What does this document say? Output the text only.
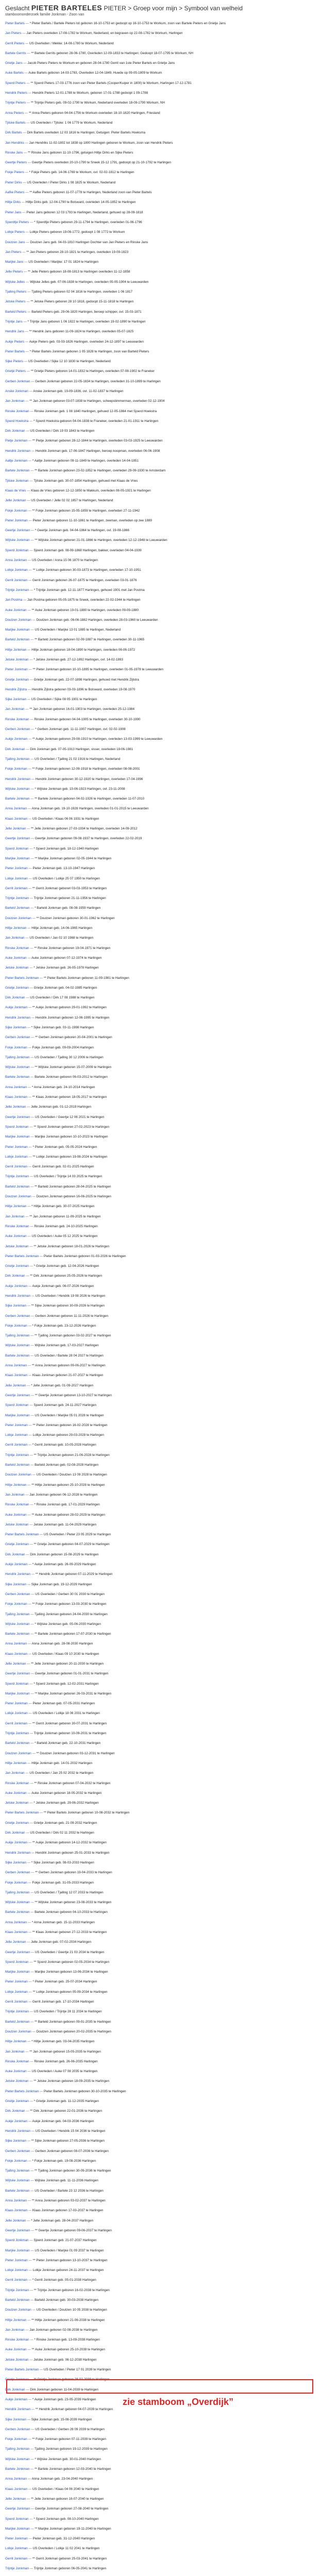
Geslacht PIETER BARTELES PIETER > Groep voor mijn > Symbool van welheid
stamboomonderzoek familie Jonkman - Zoon van
Pieter Bartels — * Pieter Bartels / Bartele Pieters tot geboren 16-10-1753 en gedoopt op 16-10-1753 te Workum, zoon van Bartele Pieters en Grietje Jans
Jan Pieters — Jan Pieters overleden 17-08-1782 te Workum, Nederland, en begraven op 22-08-1782 te Workum, Harlingen
Gerrit Pieters — US Overleden / Mekke: 14-08-1780 te Workum, Nederland
Bartele Gerrits — ** Bartele Gerrits geboren 28-06-1780, Overleden 12-09-1833 te Harlingen; Gedoopt 18-07-1795 te Workum, NH
Grietje Jans — Jacob Pieters Pieters te Workum en geboren 28-04-1780 Gerrit van 1ste Pieter Bartels en Grietje Jans
Auke Bartels — Auke Bartels geboren 14-03-1783, Overleden 12-04-1849, Huwde op 09-05-1809 te Workum
Sjoerd Pieters — ** Sjoerd Pieters 17-03-1776 zoon van Pieter Bartels (Cooper/Kuiper in 1800) te Workum, Harlingen 17-12-1781
Hendrik Pieters — Hendrik Pieters 12-01-1788 te Workum, geboren 17-01-1788 gedoopt 1 09-1788
Trijntje Pieters — ** Trijntje Pieters geb. 09-02-1790 te Workum, Nederland overleden 18-09-1790 Workum, NH
Anna Pieters — ** Anna Pieters geboren 04-04-1756 te Workum overleden 18-10-1820 Harlingen, Friesland
Tjitske Bartels — US Overleden / Tjitske: 1 06 1779 te Workum, Nederland
Dirk Bartels — Dirk Bartels overleden 12 03 1816 te Harlingen; Getuigen: Pieter Bartels Hoeksma
Jan Hendriks — Jan Hendriks 11-02-1802 tot 1838 op 1800 Harlingen geboren te Workum, zoon van Hendrik Pieters
Rinske Jans — ** Rinske Jans geboren 11-10-1796, getuigen Hiltje Dirks en Sijke Pieters
Geertje Pieters — Geertje Pieters overleden 20-10-1790 te Sneek 15-12 1791, gedoopt op 21-10-1792 te Harlingen
Fokje Pieters — * Fokje Pieters geb. 14-06-1769 te Workum, ovl. 02-02-1812 te Harlingen
Pieter Dirks — US Overleden / Pieter Dirks 1 08 1825 te Workum, Nederland
Aafke Pieters — ** Aafke Pieters geboren 11-07-1778 te Harlingen, Nederland zoon van Pieter Bartels
Hiltje Dirks — Hiltje Dirks geb. 12-04-1790 te Bolsward, overleden 14-05-1852 te Harlingen
Pieter Jans — Pieter Jans geboren 12 03 1793 te Harlingen, Nederland, gehuwd op 28-09-1818
Sjoerdtje Pieters — * Sjoerdtje Pieters geboren 29-11-1794 te Harlingen, overleden 01-06-1796
Lolkje Pieters — Lolkje Pieters geboren 19-06-1772, gedoopt 1 08 1772 te Workum
Doutzen Jans — Doutzen Jans geb. 04-03-1810 Harlingen Dochter van Jan Pieters en Rinske Jans
Jan Pieters — ** Jan Pieters geboren 28-10-1821 te Harlingen, overleden 19-09-1823
Marijke Jans — US Overleden / Marijke: 17 01 1824 te Harlingen
Jelle Pieters — ** Jelle Pieters geboren 18-08-1813 te Harlingen overleden 11-12-1858
Wijtske Jelles — Wijtske Jelles geb. 07-06-1838 te Harlingen, overleden 05-05-1904 te Leeuwarden
Tjalling Pieters — Tjalling Pieters geboren 02 04 1816 te Harlingen, overleden 1 06 1817
Jetske Pieters — ** Jetske Pieters geboren 28 10 1818, gedoopt 15-11-1818 te Harlingen
Barteld Pieters — Barteld Pieters geb. 29-06-1820 Harlingen, beroep schipper, ovl. 15-03-1871
Trijntje Jans — * Trijntje Jans geboren 1 06 1822 te Harlingen, overleden 19-02-1890 te Harlingen
Hendrik Jans — ** Hendrik Jans geboren 11-09-1824 te Harlingen, overleden 05-07-1825
Aukje Pieters — Aukje Pieters geb. 03-03-1826 Harlingen, overleden 24-12-1897 te Leeuwarden
Pieter Bartels — * Pieter Bartels Jonkman geboren 1 05 1828 te Harlingen, zoon van Barteld Pieters
Sijke Pieters — US Overleden / Sijke 12 10 1830 te Harlingen, Nederland
Grietje Pieters — ** Grietje Pieters geboren 14-01-1832 te Harlingen, overleden 07-08-1902 te Franeker
Gerben Jonkman — Gerben Jonkman geboren 22-05-1834 te Harlingen, overleden 31-10-1899 te Harlingen
Anske Jonkman — Anske Jonkman geb. 19-09-1836, ovl. 11-02-1837 te Harlingen
Jan Jonkman — ** Jan Jonkman geboren 03-07-1838 te Harlingen, scheepstimmerman, overleden 02-12-1904
Rinske Jonkman — Rinske Jonkman geb. 1 08 1840 Harlingen, gehuwd 12-05-1864 met Sjoerd Hoekstra
Sjoerd Hoekstra — * Sjoerd Hoekstra geboren 04-04-1838 te Franeker, overleden 21-01-1911 te Harlingen
Dirk Jonkman — US Overleden / Dirk 19 03 1843 te Harlingen
Pietje Jonkman — ** Pietje Jonkman geboren 28-12-1844 te Harlingen, overleden 03-03-1925 te Leeuwarden
Hendrik Jonkman — Hendrik Jonkman geb. 17-06-1847 Harlingen, beroep koopman, overleden 06-06-1908
Aaltje Jonkman — * Aaltje Jonkman geboren 09-11-1849 te Harlingen, overleden 14-04-1851
Bartele Jonkman — ** Bartele Jonkman geboren 23-02-1852 te Harlingen, overleden 29-09-1930 te Amsterdam
Tjitske Jonkman — Tjitske Jonkman geb. 30-07-1854 Harlingen, gehuwd met Klaas de Vries
Klaas de Vries — Klaas de Vries geboren 12-12-1850 te Makkum, overleden 08-05-1921 te Harlingen
Jelle Jonkman — US Overleden / Jelle 02 02 1857 te Harlingen, Nederland
Fokje Jonkman — ** Fokje Jonkman geboren 15-05-1859 te Harlingen, overleden 27-11-1942
Pieter Jonkman — Pieter Jonkman geboren 11-10-1861 te Harlingen, zeeman, overleden op zee 1889
Geertje Jonkman — * Geertje Jonkman geb. 04-04-1864 te Harlingen, ovl. 19-08-1866
Wijtske Jonkman — ** Wijtske Jonkman geboren 21-01-1866 te Harlingen, overleden 12-12-1948 te Leeuwarden
Sjoerd Jonkman — Sjoerd Jonkman geb. 08-09-1868 Harlingen, bakker, overleden 04-04-1939
Anna Jonkman — US Overleden / Anna 15 06 1870 te Harlingen
Lolkje Jonkman — ** Lolkje Jonkman geboren 30-03-1873 te Harlingen, overleden 17-10-1951
Gerrit Jonkman — Gerrit Jonkman geboren 26-07-1875 te Harlingen, overleden 03-01-1876
Trijntje Jonkman — * Trijntje Jonkman geb. 12-11-1877 Harlingen, gehuwd 1901 met Jan Postma
Jan Postma — Jan Postma geboren 05-05-1875 te Sneek, overleden 22-02-1944 te Harlingen
Auke Jonkman — ** Auke Jonkman geboren 19-01-1880 te Harlingen, overleden 09-09-1880
Doutzen Jonkman — Doutzen Jonkman geb. 06-06-1882 Harlingen, overleden 28-03-1960 te Leeuwarden
Marijke Jonkman — US Overleden / Marijke 13 01 1885 te Harlingen, Nederland
Barteld Jonkman — ** Barteld Jonkman geboren 02-09-1887 te Harlingen, overleden 30-11-1965
Hiltje Jonkman — Hiltje Jonkman geboren 18-04-1890 te Harlingen, overleden 06-06-1972
Jetske Jonkman — * Jetske Jonkman geb. 27-12-1892 Harlingen, ovl. 14-02-1893
Pieter Jonkman — ** Pieter Jonkman geboren 10-10-1895 te Harlingen, overleden 01-05-1978 te Leeuwarden
Grietje Jonkman — Grietje Jonkman geb. 22-07-1898 Harlingen, gehuwd met Hendrik Zijlstra
Hendrik Zijlstra — Hendrik Zijlstra geboren 03-03-1896 te Bolsward, overleden 19-08-1970
Sijke Jonkman — US Overleden / Sijke 08 05 1901 te Harlingen
Jan Jonkman — ** Jan Jonkman geboren 16-01-1903 te Harlingen, overleden 25-12-1984
Rinske Jonkman — Rinske Jonkman geboren 04-04-1905 te Harlingen, overleden 30-10-1990
Gerben Jonkman — * Gerben Jonkman geb. 11-11-1907 Harlingen, ovl. 02-02-1908
Aukje Jonkman — ** Aukje Jonkman geboren 29-08-1910 te Harlingen, overleden 13-03-1999 te Leeuwarden
Dirk Jonkman — Dirk Jonkman geb. 07-05-1913 Harlingen, visser, overleden 19-06-1981
Tjalling Jonkman — US Overleden / Tjalling 21 02 1916 te Harlingen, Nederland
Fokje Jonkman — ** Fokje Jonkman geboren 12-09-1918 te Harlingen, overleden 08-08-2001
Hendrik Jonkman — Hendrik Jonkman geboren 30-12-1920 te Harlingen, overleden 17-04-1996
Wijtske Jonkman — * Wijtske Jonkman geb. 15-06-1923 Harlingen, ovl. 23-11-2008
Bartele Jonkman — ** Bartele Jonkman geboren 04-02-1926 te Harlingen, overleden 11-07-2010
Anna Jonkman — Anna Jonkman geb. 19-10-1928 Harlingen, overleden 01-01-2015 te Leeuwarden
Klaas Jonkman — US Overleden / Klaas 06 06 1931 te Harlingen
Jelle Jonkman — ** Jelle Jonkman geboren 27-03-1934 te Harlingen, overleden 14-09-2012
Geertje Jonkman — Geertje Jonkman geboren 09-08-1937 te Harlingen, overleden 22-02-2019
Sjoerd Jonkman — * Sjoerd Jonkman geb. 18-12-1940 Harlingen
Marijke Jonkman — ** Marijke Jonkman geboren 02-05-1944 te Harlingen
Pieter Jonkman — Pieter Jonkman geb. 13-10-1947 Harlingen
Lolkje Jonkman — US Overleden / Lolkje 25 07 1950 te Harlingen
Gerrit Jonkman — ** Gerrit Jonkman geboren 03-03-1953 te Harlingen
Trijntje Jonkman — Trijntje Jonkman geboren 21-11-1956 te Harlingen
Barteld Jonkman — * Barteld Jonkman geb. 08-08-1959 Harlingen
Doutzen Jonkman — ** Doutzen Jonkman geboren 30-01-1962 te Harlingen
Hiltje Jonkman — Hiltje Jonkman geb. 14-06-1965 Harlingen
Jan Jonkman — US Overleden / Jan 02 10 1968 te Harlingen
Rinske Jonkman — ** Rinske Jonkman geboren 19-04-1971 te Harlingen
Auke Jonkman — Auke Jonkman geboren 07-12-1974 te Harlingen
Jetske Jonkman — * Jetske Jonkman geb. 26-05-1978 Harlingen
Pieter Bartels Jonkman — ** Pieter Bartels Jonkman geboren 11-09-1981 te Harlingen
Grietje Jonkman — Grietje Jonkman geb. 04-02-1985 Harlingen
Dirk Jonkman — US Overleden / Dirk 17 08 1988 te Harlingen
Aukje Jonkman — ** Aukje Jonkman geboren 29-01-1992 te Harlingen
Hendrik Jonkman — Hendrik Jonkman geboren 12-06-1995 te Harlingen
Sijke Jonkman — * Sijke Jonkman geb. 03-11-1998 Harlingen
Gerben Jonkman — ** Gerben Jonkman geboren 20-04-2001 te Harlingen
Fokje Jonkman — Fokje Jonkman geb. 09-09-2004 Harlingen
Tjalling Jonkman — US Overleden / Tjalling 30 12 2006 te Harlingen
Wijtske Jonkman — ** Wijtske Jonkman geboren 15-07-2009 te Harlingen
Bartele Jonkman — Bartele Jonkman geboren 06-03-2012 te Harlingen
Anna Jonkman — * Anna Jonkman geb. 24-10-2014 Harlingen
Klaas Jonkman — ** Klaas Jonkman geboren 18-05-2017 te Harlingen
Jelle Jonkman — Jelle Jonkman geb. 01-12-2019 Harlingen
Geertje Jonkman — US Overleden / Geertje 12 06 2021 te Harlingen
Sjoerd Jonkman — ** Sjoerd Jonkman geboren 27-02-2023 te Harlingen
Marijke Jonkman — Marijke Jonkman geboren 10-10-2023 te Harlingen
Pieter Jonkman — * Pieter Jonkman geb. 05-05-2024 Harlingen
Lolkje Jonkman — ** Lolkje Jonkman geboren 19-08-2024 te Harlingen
Gerrit Jonkman — Gerrit Jonkman geb. 02-01-2025 Harlingen
Trijntje Jonkman — US Overleden / Trijntje 14 03 2025 te Harlingen
Barteld Jonkman — ** Barteld Jonkman geboren 28-04-2025 te Harlingen
Doutzen Jonkman — Doutzen Jonkman geboren 16-06-2025 te Harlingen
Hiltje Jonkman — * Hiltje Jonkman geb. 30-07-2025 Harlingen
Jan Jonkman — ** Jan Jonkman geboren 11-09-2025 te Harlingen
Rinske Jonkman — Rinske Jonkman geb. 24-10-2025 Harlingen
Auke Jonkman — US Overleden / Auke 05 12 2025 te Harlingen
Jetske Jonkman — ** Jetske Jonkman geboren 18-01-2026 te Harlingen
Pieter Bartels Jonkman — Pieter Bartels Jonkman geboren 01-03-2026 te Harlingen
Grietje Jonkman — * Grietje Jonkman geb. 12-04-2026 Harlingen
Dirk Jonkman — ** Dirk Jonkman geboren 25-05-2026 te Harlingen
Aukje Jonkman — Aukje Jonkman geb. 06-07-2026 Harlingen
Hendrik Jonkman — US Overleden / Hendrik 19 08 2026 te Harlingen
Sijke Jonkman — ** Sijke Jonkman geboren 30-09-2026 te Harlingen
Gerben Jonkman — Gerben Jonkman geboren 11-11-2026 te Harlingen
Fokje Jonkman — * Fokje Jonkman geb. 23-12-2026 Harlingen
Tjalling Jonkman — ** Tjalling Jonkman geboren 03-02-2027 te Harlingen
Wijtske Jonkman — Wijtske Jonkman geb. 17-03-2027 Harlingen
Bartele Jonkman — US Overleden / Bartele 28 04 2027 te Harlingen
Anna Jonkman — ** Anna Jonkman geboren 09-06-2027 te Harlingen
Klaas Jonkman — Klaas Jonkman geboren 21-07-2027 te Harlingen
Jelle Jonkman — * Jelle Jonkman geb. 01-09-2027 Harlingen
Geertje Jonkman — ** Geertje Jonkman geboren 13-10-2027 te Harlingen
Sjoerd Jonkman — Sjoerd Jonkman geb. 24-11-2027 Harlingen
Marijke Jonkman — US Overleden / Marijke 05 01 2028 te Harlingen
Pieter Jonkman — ** Pieter Jonkman geboren 16-02-2028 te Harlingen
Lolkje Jonkman — Lolkje Jonkman geboren 29-03-2028 te Harlingen
Gerrit Jonkman — * Gerrit Jonkman geb. 10-05-2028 Harlingen
Trijntje Jonkman — ** Trijntje Jonkman geboren 21-06-2028 te Harlingen
Barteld Jonkman — Barteld Jonkman geb. 02-08-2028 Harlingen
Doutzen Jonkman — US Overleden / Doutzen 13 09 2028 te Harlingen
Hiltje Jonkman — ** Hiltje Jonkman geboren 25-10-2028 te Harlingen
Jan Jonkman — Jan Jonkman geboren 06-12-2028 te Harlingen
Rinske Jonkman — * Rinske Jonkman geb. 17-01-2029 Harlingen
Auke Jonkman — ** Auke Jonkman geboren 28-02-2029 te Harlingen
Jetske Jonkman — Jetske Jonkman geb. 11-04-2029 Harlingen
Pieter Bartels Jonkman — US Overleden / Pieter 23 05 2029 te Harlingen
Grietje Jonkman — ** Grietje Jonkman geboren 04-07-2029 te Harlingen
Dirk Jonkman — Dirk Jonkman geboren 15-08-2029 te Harlingen
Aukje Jonkman — * Aukje Jonkman geb. 26-09-2029 Harlingen
Hendrik Jonkman — ** Hendrik Jonkman geboren 07-11-2029 te Harlingen
Sijke Jonkman — Sijke Jonkman geb. 19-12-2029 Harlingen
Gerben Jonkman — US Overleden / Gerben 30 01 2030 te Harlingen
Fokje Jonkman — ** Fokje Jonkman geboren 13-03-2030 te Harlingen
Tjalling Jonkman — Tjalling Jonkman geboren 24-04-2030 te Harlingen
Wijtske Jonkman — * Wijtske Jonkman geb. 05-06-2030 Harlingen
Bartele Jonkman — ** Bartele Jonkman geboren 17-07-2030 te Harlingen
Anna Jonkman — Anna Jonkman geb. 28-08-2030 Harlingen
Klaas Jonkman — US Overleden / Klaas 09 10 2030 te Harlingen
Jelle Jonkman — ** Jelle Jonkman geboren 20-11-2030 te Harlingen
Geertje Jonkman — Geertje Jonkman geboren 01-01-2031 te Harlingen
Sjoerd Jonkman — * Sjoerd Jonkman geb. 12-02-2031 Harlingen
Marijke Jonkman — ** Marijke Jonkman geboren 26-03-2031 te Harlingen
Pieter Jonkman — Pieter Jonkman geb. 07-05-2031 Harlingen
Lolkje Jonkman — US Overleden / Lolkje 18 06 2031 te Harlingen
Gerrit Jonkman — ** Gerrit Jonkman geboren 30-07-2031 te Harlingen
Trijntje Jonkman — Trijntje Jonkman geboren 10-09-2031 te Harlingen
Barteld Jonkman — * Barteld Jonkman geb. 22-10-2031 Harlingen
Doutzen Jonkman — ** Doutzen Jonkman geboren 03-12-2031 te Harlingen
Hiltje Jonkman — Hiltje Jonkman geb. 14-01-2032 Harlingen
Jan Jonkman — US Overleden / Jan 25 02 2032 te Harlingen
Rinske Jonkman — ** Rinske Jonkman geboren 07-04-2032 te Harlingen
Auke Jonkman — Auke Jonkman geboren 18-05-2032 te Harlingen
Jetske Jonkman — * Jetske Jonkman geb. 29-06-2032 Harlingen
Pieter Bartels Jonkman — ** Pieter Bartels Jonkman geboren 10-08-2032 te Harlingen
Grietje Jonkman — Grietje Jonkman geb. 21-09-2032 Harlingen
Dirk Jonkman — US Overleden / Dirk 02 11 2032 te Harlingen
Aukje Jonkman — ** Aukje Jonkman geboren 14-12-2032 te Harlingen
Hendrik Jonkman — Hendrik Jonkman geboren 25-01-2033 te Harlingen
Sijke Jonkman — * Sijke Jonkman geb. 08-03-2033 Harlingen
Gerben Jonkman — ** Gerben Jonkman geboren 19-04-2033 te Harlingen
Fokje Jonkman — Fokje Jonkman geb. 31-05-2033 Harlingen
Tjalling Jonkman — US Overleden / Tjalling 12 07 2033 te Harlingen
Wijtske Jonkman — ** Wijtske Jonkman geboren 23-08-2033 te Harlingen
Bartele Jonkman — Bartele Jonkman geboren 04-10-2033 te Harlingen
Anna Jonkman — * Anna Jonkman geb. 15-11-2033 Harlingen
Klaas Jonkman — ** Klaas Jonkman geboren 27-12-2033 te Harlingen
Jelle Jonkman — Jelle Jonkman geb. 07-02-2034 Harlingen
Geertje Jonkman — US Overleden / Geertje 21 03 2034 te Harlingen
Sjoerd Jonkman — ** Sjoerd Jonkman geboren 02-05-2034 te Harlingen
Marijke Jonkman — Marijke Jonkman geboren 13-06-2034 te Harlingen
Pieter Jonkman — * Pieter Jonkman geb. 25-07-2034 Harlingen
Lolkje Jonkman — ** Lolkje Jonkman geboren 05-09-2034 te Harlingen
Gerrit Jonkman — Gerrit Jonkman geb. 17-10-2034 Harlingen
Trijntje Jonkman — US Overleden / Trijntje 28 11 2034 te Harlingen
Barteld Jonkman — ** Barteld Jonkman geboren 09-01-2035 te Harlingen
Doutzen Jonkman — Doutzen Jonkman geboren 20-02-2035 te Harlingen
Hiltje Jonkman — * Hiltje Jonkman geb. 03-04-2035 Harlingen
Jan Jonkman — ** Jan Jonkman geboren 15-05-2035 te Harlingen
Rinske Jonkman — Rinske Jonkman geb. 26-06-2035 Harlingen
Auke Jonkman — US Overleden / Auke 07 08 2035 te Harlingen
Jetske Jonkman — ** Jetske Jonkman geboren 18-09-2035 te Harlingen
Pieter Bartels Jonkman — Pieter Bartels Jonkman geboren 30-10-2035 te Harlingen
Grietje Jonkman — * Grietje Jonkman geb. 11-12-2035 Harlingen
Dirk Jonkman — ** Dirk Jonkman geboren 22-01-2036 te Harlingen
Aukje Jonkman — Aukje Jonkman geb. 04-03-2036 Harlingen
Hendrik Jonkman — US Overleden / Hendrik 15 04 2036 te Harlingen
Sijke Jonkman — ** Sijke Jonkman geboren 27-05-2036 te Harlingen
Gerben Jonkman — Gerben Jonkman geboren 08-07-2036 te Harlingen
Fokje Jonkman — * Fokje Jonkman geb. 19-08-2036 Harlingen
Tjalling Jonkman — ** Tjalling Jonkman geboren 30-09-2036 te Harlingen
Wijtske Jonkman — Wijtske Jonkman geb. 11-11-2036 Harlingen
Bartele Jonkman — US Overleden / Bartele 23 12 2036 te Harlingen
Anna Jonkman — ** Anna Jonkman geboren 03-02-2037 te Harlingen
Klaas Jonkman — Klaas Jonkman geboren 17-03-2037 te Harlingen
Jelle Jonkman — * Jelle Jonkman geb. 28-04-2037 Harlingen
Geertje Jonkman — ** Geertje Jonkman geboren 09-06-2037 te Harlingen
Sjoerd Jonkman — Sjoerd Jonkman geb. 21-07-2037 Harlingen
Marijke Jonkman — US Overleden / Marijke 01 09 2037 te Harlingen
Pieter Jonkman — ** Pieter Jonkman geboren 13-10-2037 te Harlingen
Lolkje Jonkman — Lolkje Jonkman geboren 24-11-2037 te Harlingen
Gerrit Jonkman — * Gerrit Jonkman geb. 05-01-2038 Harlingen
Trijntje Jonkman — ** Trijntje Jonkman geboren 16-02-2038 te Harlingen
Barteld Jonkman — Barteld Jonkman geb. 30-03-2038 Harlingen
Doutzen Jonkman — US Overleden / Doutzen 10 05 2038 te Harlingen
Hiltje Jonkman — ** Hiltje Jonkman geboren 21-06-2038 te Harlingen
Jan Jonkman — Jan Jonkman geboren 02-08-2038 te Harlingen
Rinske Jonkman — * Rinske Jonkman geb. 13-09-2038 Harlingen
Auke Jonkman — ** Auke Jonkman geboren 25-10-2038 te Harlingen
Jetske Jonkman — Jetske Jonkman geb. 06-12-2038 Harlingen
Pieter Bartels Jonkman — US Overleden / Pieter 17 01 2039 te Harlingen
Grietje Jonkman — ** Grietje Jonkman geboren 28-02-2039 te Harlingen
Dirk Jonkman — Dirk Jonkman geboren 11-04-2039 te Harlingen
Aukje Jonkman — * Aukje Jonkman geb. 23-05-2039 Harlingen
Hendrik Jonkman — ** Hendrik Jonkman geboren 04-07-2039 te Harlingen
Sijke Jonkman — Sijke Jonkman geb. 15-08-2039 Harlingen
Gerben Jonkman — US Overleden / Gerben 26 09 2039 te Harlingen
Fokje Jonkman — ** Fokje Jonkman geboren 07-11-2039 te Harlingen
Tjalling Jonkman — Tjalling Jonkman geboren 19-12-2039 te Harlingen
Wijtske Jonkman — * Wijtske Jonkman geb. 30-01-2040 Harlingen
Bartele Jonkman — ** Bartele Jonkman geboren 12-03-2040 te Harlingen
Anna Jonkman — Anna Jonkman geb. 23-04-2040 Harlingen
Klaas Jonkman — US Overleden / Klaas 04 06 2040 te Harlingen
Jelle Jonkman — ** Jelle Jonkman geboren 16-07-2040 te Harlingen
Geertje Jonkman — Geertje Jonkman geboren 27-08-2040 te Harlingen
Sjoerd Jonkman — * Sjoerd Jonkman geb. 08-10-2040 Harlingen
Marijke Jonkman — ** Marijke Jonkman geboren 19-11-2040 te Harlingen
Pieter Jonkman — Pieter Jonkman geb. 31-12-2040 Harlingen
Lolkje Jonkman — US Overleden / Lolkje 11 02 2041 te Harlingen
Gerrit Jonkman — ** Gerrit Jonkman geboren 25-03-2041 te Harlingen
Trijntje Jonkman — Trijntje Jonkman geboren 06-05-2041 te Harlingen
zie stamboom „Overdijk”
